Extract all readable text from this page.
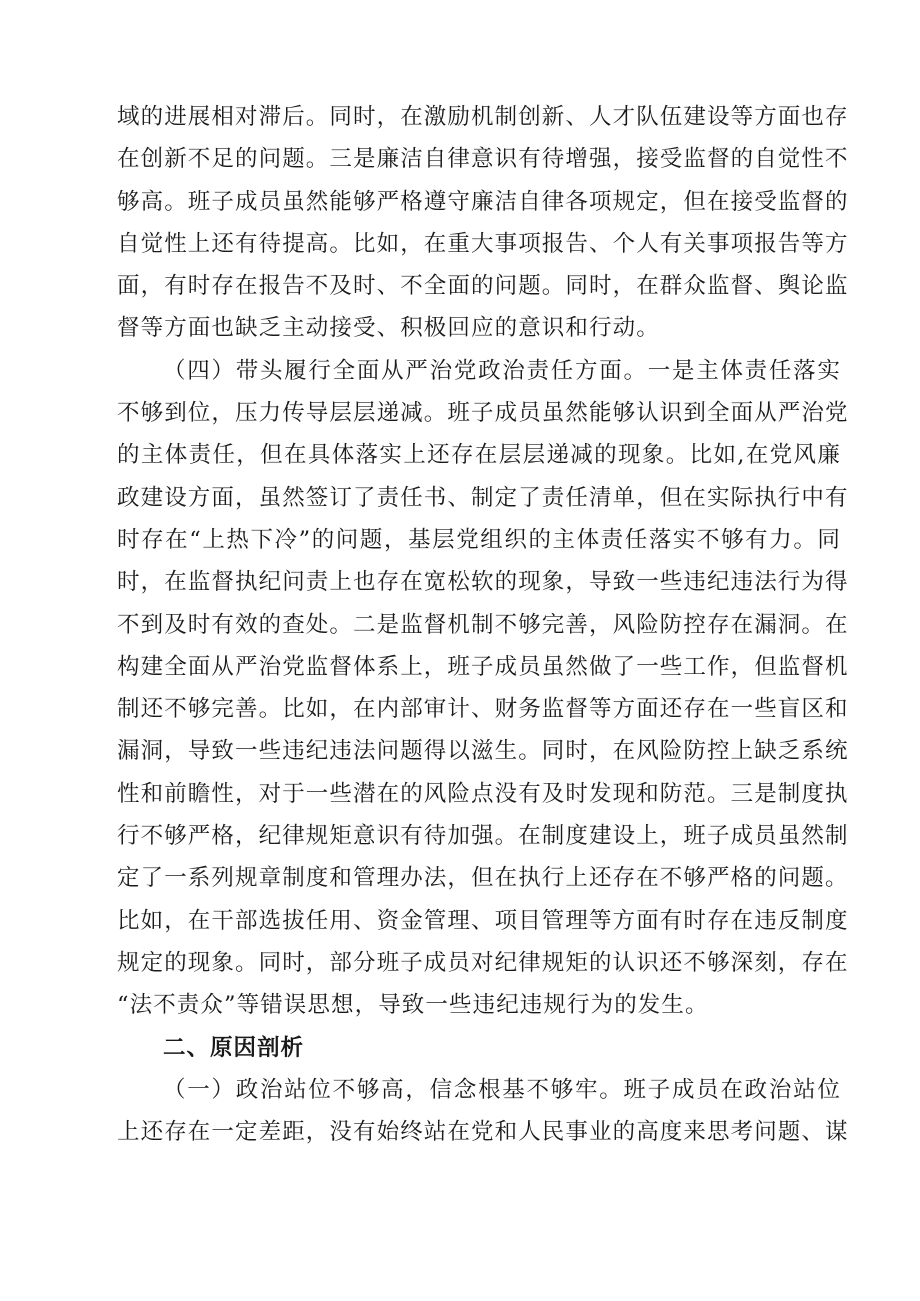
域的进展相对滞后。同时，在激励机制创新、人才队伍建设等方面也存
在创新不足的问题。三是廉洁自律意识有待增强，接受监督的自觉性不
够高。班子成员虽然能够严格遵守廉洁自律各项规定，但在接受监督的
自觉性上还有待提高。比如，在重大事项报告、个人有关事项报告等方
面，有时存在报告不及时、不全面的问题。同时，在群众监督、舆论监
督等方面也缺乏主动接受、积极回应的意识和行动。
（四）带头履行全面从严治党政治责任方面。一是主体责任落实
不够到位，压力传导层层递减。班子成员虽然能够认识到全面从严治党
的主体责任，但在具体落实上还存在层层递减的现象。比如,在党风廉
政建设方面，虽然签订了责任书、制定了责任清单，但在实际执行中有
时存在“上热下冷”的问题，基层党组织的主体责任落实不够有力。同
时，在监督执纪问责上也存在宽松软的现象，导致一些违纪违法行为得
不到及时有效的查处。二是监督机制不够完善，风险防控存在漏洞。在
构建全面从严治党监督体系上，班子成员虽然做了一些工作，但监督机
制还不够完善。比如，在内部审计、财务监督等方面还存在一些盲区和
漏洞，导致一些违纪违法问题得以滋生。同时，在风险防控上缺乏系统
性和前瞻性，对于一些潜在的风险点没有及时发现和防范。三是制度执
行不够严格，纪律规矩意识有待加强。在制度建设上，班子成员虽然制
定了一系列规章制度和管理办法，但在执行上还存在不够严格的问题。
比如，在干部选拔任用、资金管理、项目管理等方面有时存在违反制度
规定的现象。同时，部分班子成员对纪律规矩的认识还不够深刻，存在
“法不责众”等错误思想，导致一些违纪违规行为的发生。
二、原因剖析
（一）政治站位不够高，信念根基不够牢。班子成员在政治站位
上还存在一定差距，没有始终站在党和人民事业的高度来思考问题、谋
